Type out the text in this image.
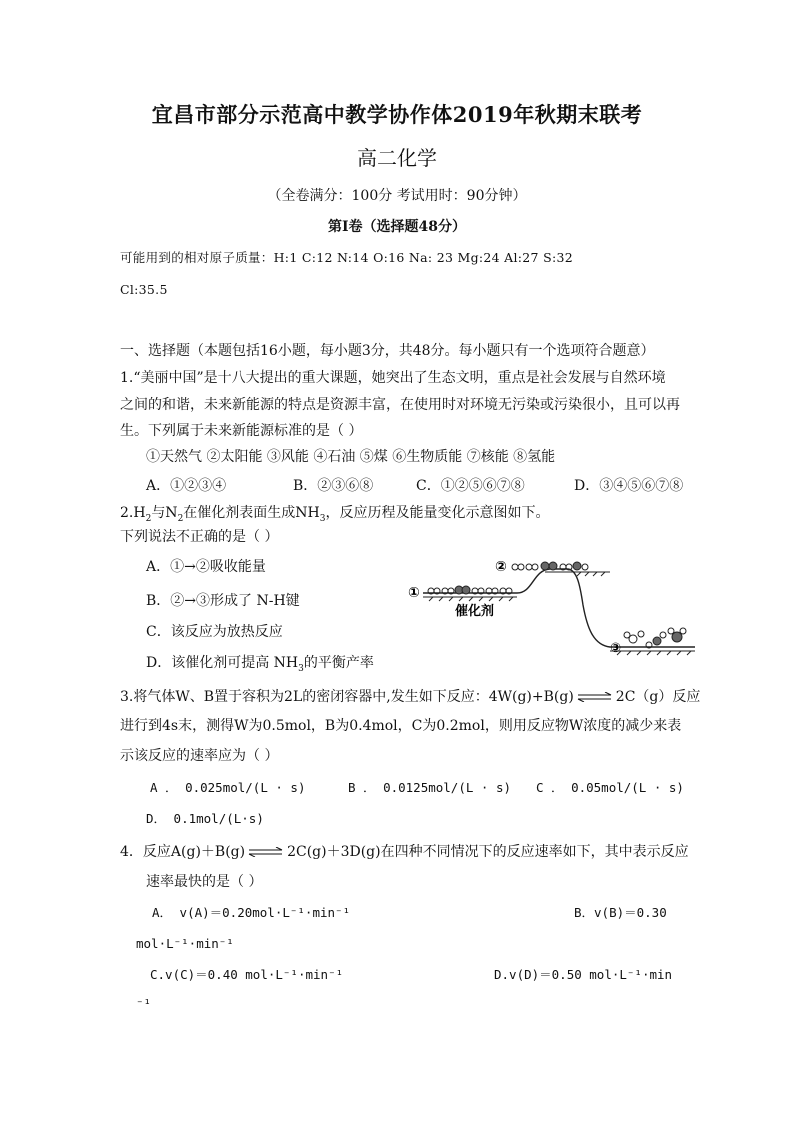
宜昌市部分示范高中教学协作体2019年秋期末联考
高二化学
（全卷满分：100分 考试用时：90分钟）
第Ⅰ卷（选择题48分）
可能用到的相对原子质量：H:1 C:12 N:14 O:16 Na: 23 Mg:24 Al:27 S:32
Cl:35.5
一、选择题（本题包括16小题，每小题3分，共48分。每小题只有一个选项符合题意）
1.“美丽中国”是十八大提出的重大课题，她突出了生态文明，重点是社会发展与自然环境
之间的和谐，未来新能源的特点是资源丰富，在使用时对环境无污染或污染很小，且可以再
生。下列属于未来新能源标准的是（ ）
①天然气 ②太阳能 ③风能 ④石油 ⑤煤 ⑥生物质能 ⑦核能 ⑧氢能
A．①②③④	B．②③⑥⑧	C．①②⑤⑥⑦⑧	D．③④⑤⑥⑦⑧
$2.H_2$与$N_2$在催化剂表面生成$NH_3$，反应历程及能量变化示意图如下。
下列说法不正确的是（ ）
A．①→②吸收能量
B．②→③形成了 N-H键
C．该反应为放热反应
D．该催化剂可提高 $NH_3$的平衡产率
①
②
③
催化剂
3.将气体W、B置于容积为2L的密闭容器中,发生如下反应：4W(g)+B(g) ⇌ 2C（g）反应
进行到4s末，测得W为0.5mol，B为0.4mol，C为0.2mol，则用反应物W浓度的减少来表
示该反应的速率应为（ ）
A ． 0.025mol/(L · s)	B ． 0.0125mol/(L · s) C ． 0.05mol/(L · s)
D． 0.1mol/(L·s)
4．反应A(g)＋B(g) ⇌ 2C(g)＋3D(g)在四种不同情况下的反应速率如下，其中表示反应
速率最快的是（ ）
A． v(A)＝0.20mol·L⁻¹·min⁻¹	B．v(B)＝0.30
mol·L⁻¹·min⁻¹
C.v(C)＝0.40 mol·L⁻¹·min⁻¹	D.v(D)＝0.50 mol·L⁻¹·min
⁻¹
